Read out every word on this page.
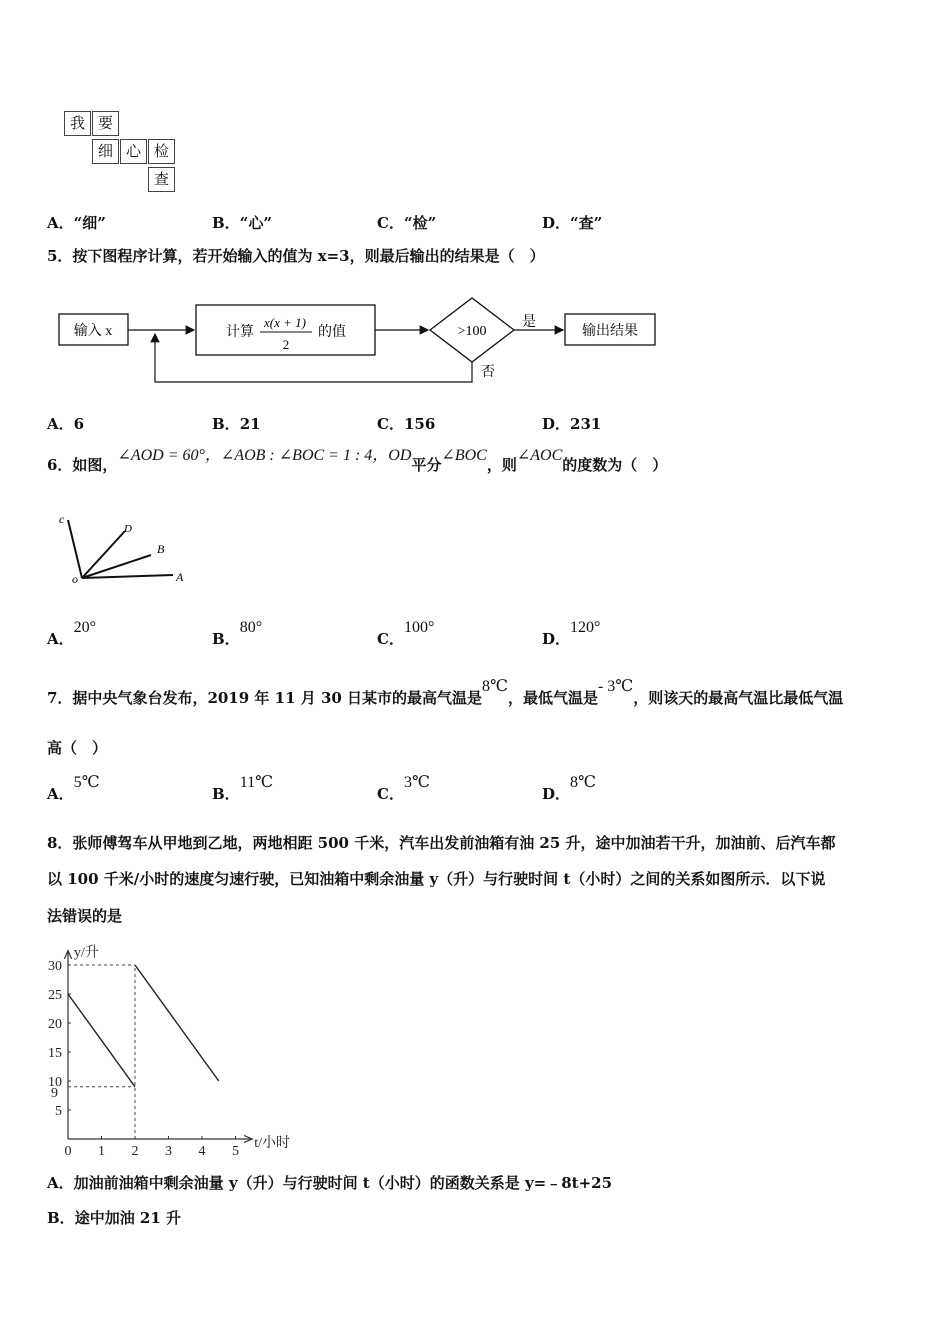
我 要
细 心 检
查
A．“细”	B．“心”	C．“检”	D．“查”
5．按下图程序计算，若开始输入的值为 x=3，则最后输出的结果是（　）
输入 x	计算
x(x + 1)
2
的值	>100
是
输出结果
否
A．6	B．21	C．156	D．231
6．如图，∠AOD = 60°，∠AOB : ∠BOC = 1 : 4，OD平分∠BOC，则∠AOC的度数为（　）
c
D
B
o	A
A．20°
B．80°
C．100°
D．120°
7．据中央气象台发布，2019 年 11 月 30 日某市的最高气温是8℃，最低气温是- 3℃，则该天的最高气温比最低气温
高（　）
A．5℃
B．11℃
C．3℃
D．8℃
8．张师傅驾车从甲地到乙地，两地相距 500 千米，汽车出发前油箱有油 25 升，途中加油若干升，加油前、后汽车都
以 100 千米/小时的速度匀速行驶，已知油箱中剩余油量 y（升）与行驶时间 t（小时）之间的关系如图所示．以下说
法错误的是
0 1 2 3 4 5
5
10
15
20
25
30
9
y/升
t/小时
A．加油前油箱中剩余油量 y（升）与行驶时间 t（小时）的函数关系是 y=﹣8t+25
B．途中加油 21 升
